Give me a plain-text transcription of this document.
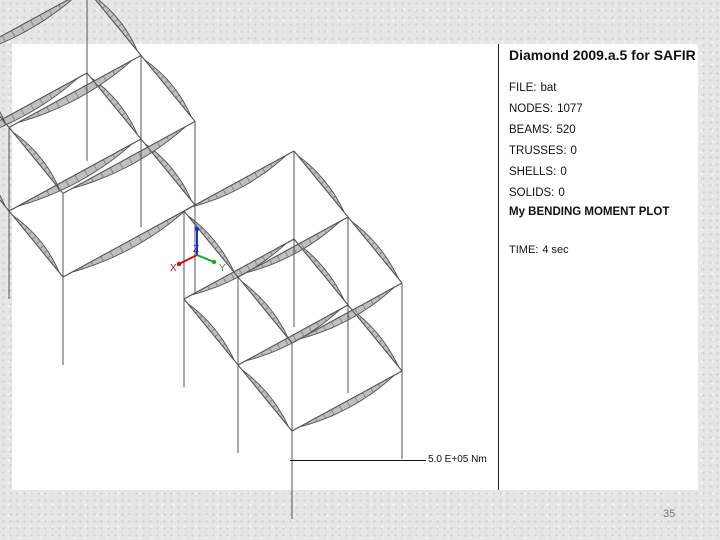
Z
X	Y
5.0 E+05 Nm
Diamond 2009.a.5 for SAFIR
FILE: bat
NODES: 1077
BEAMS: 520
TRUSSES: 0
SHELLS: 0
SOLIDS: 0
My BENDING MOMENT PLOT
TIME: 4 sec
35
